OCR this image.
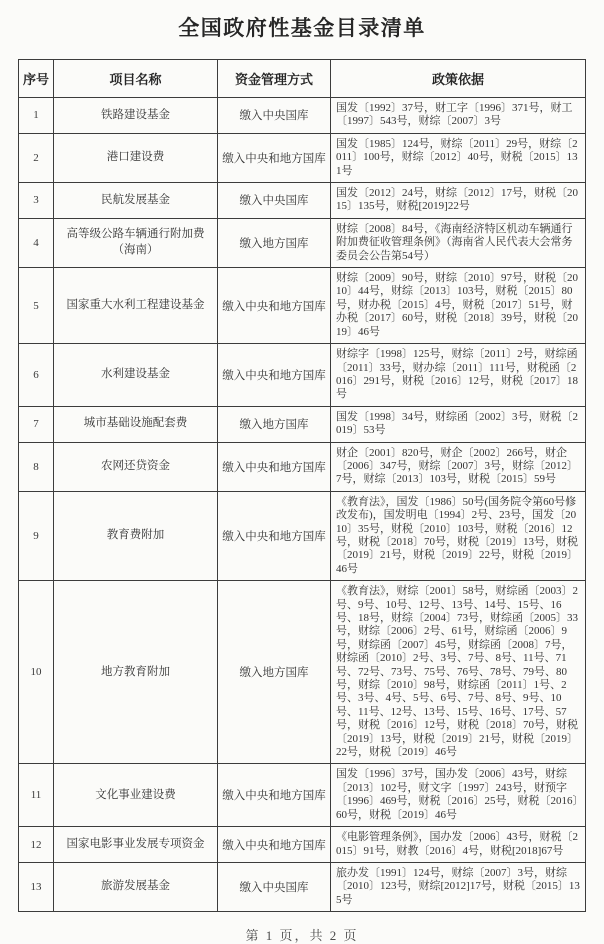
全国政府性基金目录清单
序号	项目名称	资金管理方式	政策依据
1	铁路建设基金	缴入中央国库	国发〔1992〕37号，财工字〔1996〕371号，财工〔1997〕543号，财综〔2007〕3号
2	港口建设费	缴入中央和地方国库	国发〔1985〕124号，财综〔2011〕29号，财综〔2011〕100号，财综〔2012〕40号，财税〔2015〕131号
3	民航发展基金	缴入中央国库	国发〔2012〕24号，财综〔2012〕17号，财税〔2015〕135号，财税[2019]22号
4	高等级公路车辆通行附加费（海南）	缴入地方国库	财综〔2008〕84号，《海南经济特区机动车辆通行附加费征收管理条例》（海南省人民代表大会常务委员会公告第54号）
5	国家重大水利工程建设基金	缴入中央和地方国库	财综〔2009〕90号，财综〔2010〕97号，财税〔2010〕44号，财综〔2013〕103号，财税〔2015〕80号，财办税〔2015〕4号，财税〔2017〕51号，财办税〔2017〕60号，财税〔2018〕39号，财税〔2019〕46号
6	水利建设基金	缴入中央和地方国库	财综字〔1998〕125号，财综〔2011〕2号，财综函〔2011〕33号，财办综〔2011〕111号，财税函〔2016〕291号，财税〔2016〕12号，财税〔2017〕18号
7	城市基础设施配套费	缴入地方国库	国发〔1998〕34号，财综函〔2002〕3号，财税〔2019〕53号
8	农网还贷资金	缴入中央和地方国库	财企〔2001〕820号，财企〔2002〕266号，财企〔2006〕347号，财综〔2007〕3号，财综〔2012〕7号，财综〔2013〕103号，财税〔2015〕59号
9	教育费附加	缴入中央和地方国库	《教育法》，国发〔1986〕50号(国务院令第60号修改发布)，国发明电〔1994〕2号、23号，国发〔2010〕35号，财税〔2010〕103号，财税〔2016〕12号，财税〔2018〕70号，财税〔2019〕13号，财税〔2019〕21号，财税〔2019〕22号，财税〔2019〕46号
10	地方教育附加	缴入地方国库	《教育法》，财综〔2001〕58号，财综函〔2003〕2号、9号、10号、12号、13号、14号、15号、16号、18号，财综〔2004〕73号，财综函〔2005〕33号，财综〔2006〕2号、61号，财综函〔2006〕9号，财综函〔2007〕45号，财综函〔2008〕7号，财综函〔2010〕2号、3号、7号、8号、11号、71号、72号、73号、75号、76号、78号、79号、80号，财综〔2010〕98号，财综函〔2011〕1号、2号、3号、4号、5号、6号、7号、8号、9号、10号、11号、12号、13号、15号、16号、17号、57号，财税〔2016〕12号，财税〔2018〕70号，财税〔2019〕13号，财税〔2019〕21号，财税〔2019〕22号，财税〔2019〕46号
11	文化事业建设费	缴入中央和地方国库	国发〔1996〕37号，国办发〔2006〕43号，财综〔2013〕102号，财文字〔1997〕243号，财预字〔1996〕469号，财税〔2016〕25号，财税〔2016〕60号，财税〔2019〕46号
12	国家电影事业发展专项资金	缴入中央和地方国库	《电影管理条例》，国办发〔2006〕43号，财税〔2015〕91号，财教〔2016〕4号，财税[2018]67号
13	旅游发展基金	缴入中央国库	旅办发〔1991〕124号，财综〔2007〕3号，财综〔2010〕123号，财综[2012]17号，财税〔2015〕135号
第 1 页，共 2 页
